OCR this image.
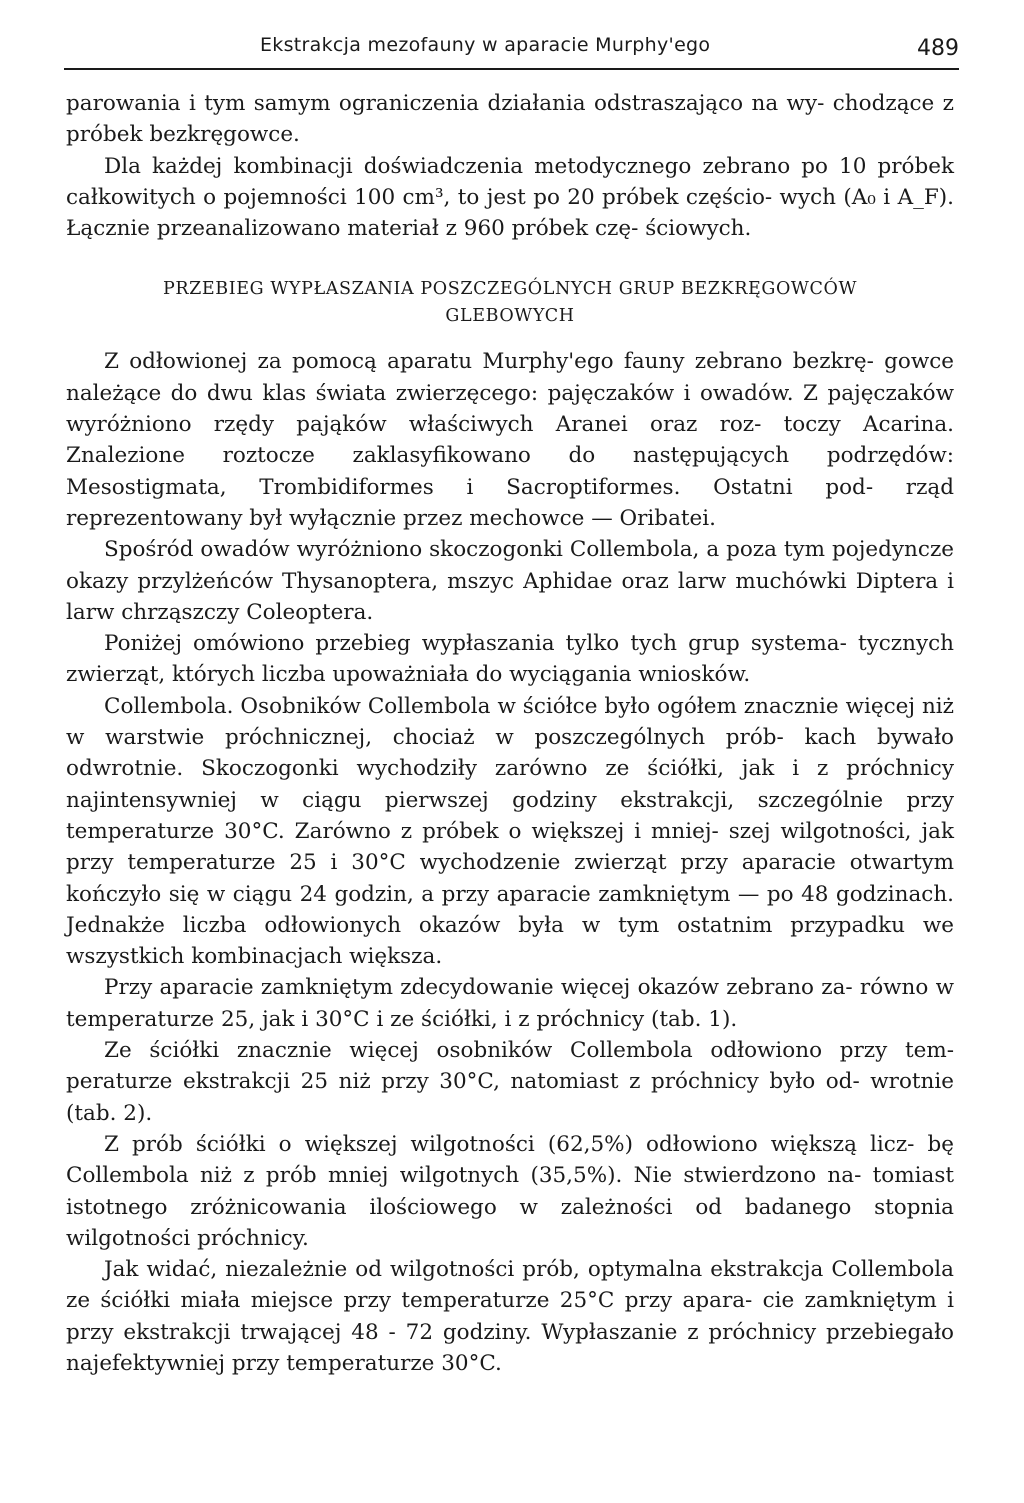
Ekstrakcja mezofauny w aparacie Murphy'ego	489

parowania i tym samym ograniczenia działania odstraszająco na wy- chodzące z próbek bezkręgowce.

Dla każdej kombinacji doświadczenia metodycznego zebrano po 10 próbek całkowitych o pojemności 100 cm³, to jest po 20 próbek częścio- wych (A₀ i A_F). Łącznie przeanalizowano materiał z 960 próbek czę- ściowych.

PRZEBIEG WYPŁASZANIA POSZCZEGÓLNYCH GRUP BEZKRĘGOWCÓW
GLEBOWYCH

Z odłowionej za pomocą aparatu Murphy'ego fauny zebrano bezkrę- gowce należące do dwu klas świata zwierzęcego: pajęczaków i owadów. Z pajęczaków wyróżniono rzędy pająków właściwych Aranei oraz roz- toczy Acarina. Znalezione roztocze zaklasyfikowano do następujących podrzędów: Mesostigmata, Trombidiformes i Sacroptiformes. Ostatni pod- rząd reprezentowany był wyłącznie przez mechowce — Oribatei.

Spośród owadów wyróżniono skoczogonki Collembola, a poza tym pojedyncze okazy przylżeńców Thysanoptera, mszyc Aphidae oraz larw muchówki Diptera i larw chrząszczy Coleoptera.

Poniżej omówiono przebieg wypłaszania tylko tych grup systema- tycznych zwierząt, których liczba upoważniała do wyciągania wniosków.

Collembola. Osobników Collembola w ściółce było ogółem znacznie więcej niż w warstwie próchnicznej, chociaż w poszczególnych prób- kach bywało odwrotnie. Skoczogonki wychodziły zarówno ze ściółki, jak i z próchnicy najintensywniej w ciągu pierwszej godziny ekstrakcji, szczególnie przy temperaturze 30°C. Zarówno z próbek o większej i mniej- szej wilgotności, jak przy temperaturze 25 i 30°C wychodzenie zwierząt przy aparacie otwartym kończyło się w ciągu 24 godzin, a przy aparacie zamkniętym — po 48 godzinach. Jednakże liczba odłowionych okazów była w tym ostatnim przypadku we wszystkich kombinacjach większa.

Przy aparacie zamkniętym zdecydowanie więcej okazów zebrano za- równo w temperaturze 25, jak i 30°C i ze ściółki, i z próchnicy (tab. 1).

Ze ściółki znacznie więcej osobników Collembola odłowiono przy tem- peraturze ekstrakcji 25 niż przy 30°C, natomiast z próchnicy było od- wrotnie (tab. 2).

Z prób ściółki o większej wilgotności (62,5%) odłowiono większą licz- bę Collembola niż z prób mniej wilgotnych (35,5%). Nie stwierdzono na- tomiast istotnego zróżnicowania ilościowego w zależności od badanego stopnia wilgotności próchnicy.

Jak widać, niezależnie od wilgotności prób, optymalna ekstrakcja Collembola ze ściółki miała miejsce przy temperaturze 25°C przy apara- cie zamkniętym i przy ekstrakcji trwającej 48 - 72 godziny. Wypłaszanie z próchnicy przebiegało najefektywniej przy temperaturze 30°C.
